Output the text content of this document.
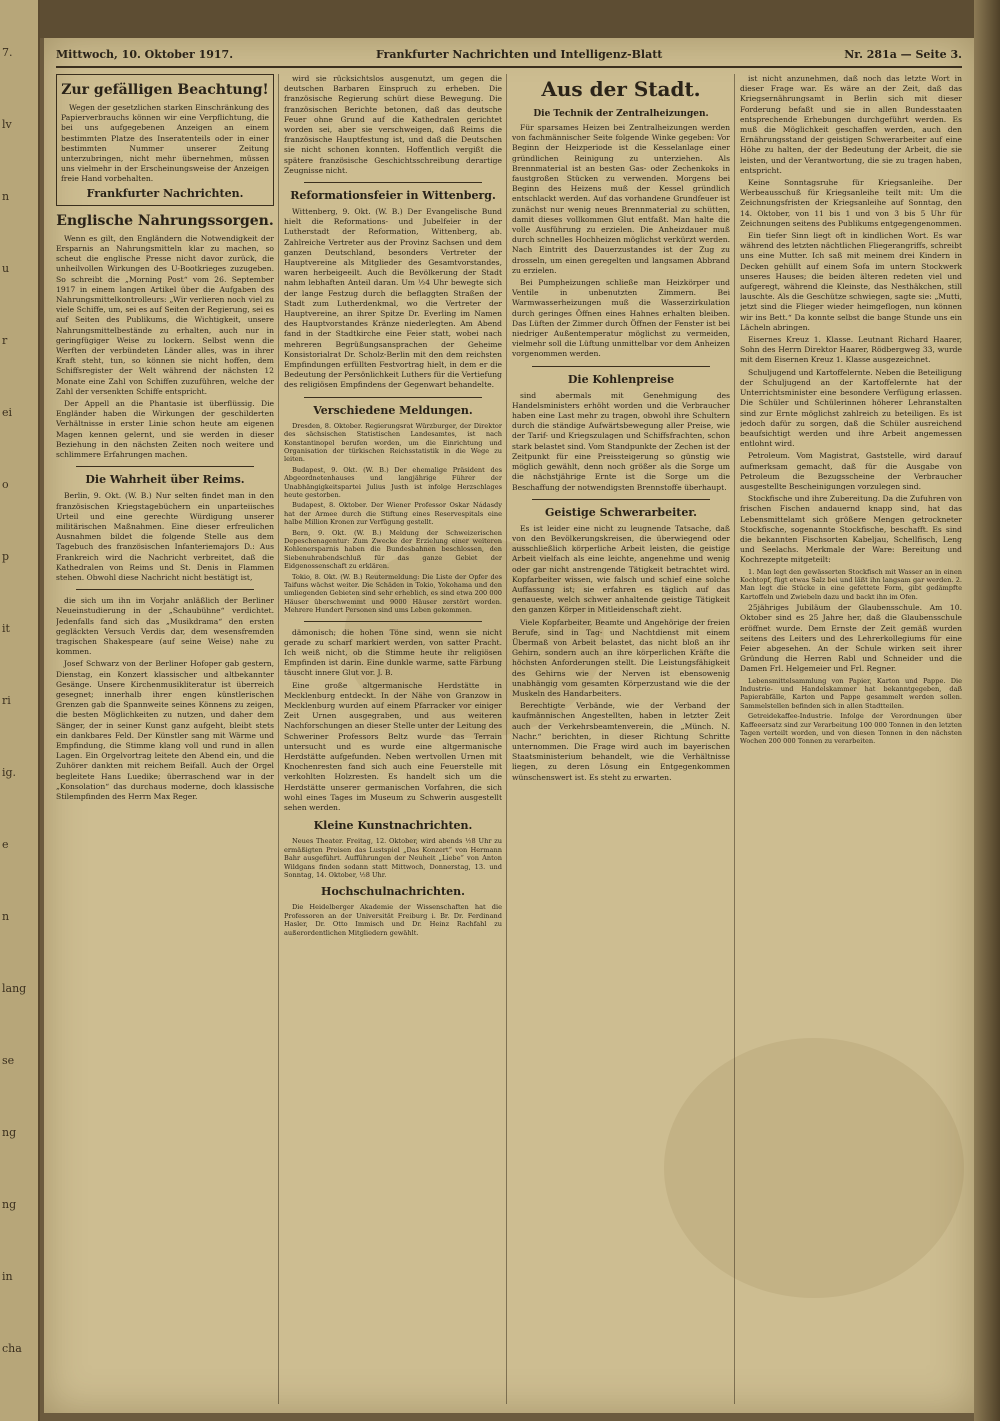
7.
lv
n
u
r
ei
o
p
it
ri
ig.
e
n
lang
se
ng
ng
in
cha
Mittwoch, 10. Oktober 1917.	Frankfurter Nachrichten und Intelligenz-Blatt	Nr. 281a — Seite 3.
Zur gefälligen Beachtung!

Wegen der gesetzlichen starken Einschränkung des Papierverbrauchs können wir eine Verpflichtung, die bei uns aufgegebenen Anzeigen an einem bestimmten Platze des Inseratenteils oder in einer bestimmten Nummer unserer Zeitung unterzubringen, nicht mehr übernehmen, müssen uns vielmehr in der Erscheinungsweise der Anzeigen freie Hand vorbehalten.

Frankfurter Nachrichten.
Englische Nahrungssorgen.

Wenn es gilt, den Engländern die Notwendigkeit der Ersparnis an Nahrungsmitteln klar zu machen, so scheut die englische Presse nicht davor zurück, die unheilvollen Wirkungen des U-Bootkrieges zuzugeben. So schreibt die „Morning Post“ vom 26. September 1917 in einem langen Artikel über die Aufgaben des Nahrungsmittelkontrolleurs: „Wir verlieren noch viel zu viele Schiffe, um, sei es auf Seiten der Regierung, sei es auf Seiten des Publikums, die Wichtigkeit, unsere Nahrungsmittelbestände zu erhalten, auch nur in geringfügiger Weise zu lockern. Selbst wenn die Werften der verbündeten Länder alles, was in ihrer Kraft steht, tun, so können sie nicht hoffen, dem Schiffsregister der Welt während der nächsten 12 Monate eine Zahl von Schiffen zuzuführen, welche der Zahl der versenkten Schiffe entspricht.

Der Appell an die Phantasie ist überflüssig. Die Engländer haben die Wirkungen der geschilderten Verhältnisse in erster Linie schon heute am eigenen Magen kennen gelernt, und sie werden in dieser Beziehung in den nächsten Zeiten noch weitere und schlimmere Erfahrungen machen.

Die Wahrheit über Reims.

Berlin, 9. Okt. (W. B.) Nur selten findet man in den französischen Kriegstagebüchern ein unparteiisches Urteil und eine gerechte Würdigung unserer militärischen Maßnahmen. Eine dieser erfreulichen Ausnahmen bildet die folgende Stelle aus dem Tagebuch des französischen Infanteriemajors D.: Aus Frankreich wird die Nachricht verbreitet, daß die Kathedralen von Reims und St. Denis in Flammen stehen. Obwohl diese Nachricht nicht bestätigt ist,

die sich um ihn im Vorjahr anläßlich der Berliner Neueinstudierung in der „Schaubühne“ verdichtet. Jedenfalls fand sich das „Musikdrama“ den ersten gegläckten Versuch Verdis dar, dem wesensfremden tragischen Shakespeare (auf seine Weise) nahe zu kommen.

Josef Schwarz von der Berliner Hofoper gab gestern, Dienstag, ein Konzert klassischer und altbekannter Gesänge. Unsere Kirchenmusikliteratur ist überreich gesegnet; innerhalb ihrer engen künstlerischen Grenzen gab die Spannweite seines Könnens zu zeigen, die besten Möglichkeiten zu nutzen, und daher dem Sänger, der in seiner Kunst ganz aufgeht, bleibt stets ein dankbares Feld. Der Künstler sang mit Wärme und Empfindung, die Stimme klang voll und rund in allen Lagen. Ein Orgelvortrag leitete den Abend ein, und die Zuhörer dankten mit reichem Beifall. Auch der Orgel begleitete Hans Luedike; überraschend war in der „Konsolation“ das durchaus moderne, doch klassische Stilempfinden des Herrn Max Reger.

wird sie rücksichtslos ausgenutzt, um gegen die deutschen Barbaren Einspruch zu erheben. Die französische Regierung schürt diese Bewegung. Die französischen Berichte betonen, daß das deutsche Feuer ohne Grund auf die Kathedralen gerichtet worden sei, aber sie verschweigen, daß Reims die französische Hauptfestung ist, und daß die Deutschen sie nicht schonen konnten. Hoffentlich vergißt die spätere französische Geschichtsschreibung derartige Zeugnisse nicht.

Reformationsfeier in Wittenberg.

Wittenberg, 9. Okt. (W. B.) Der Evangelische Bund hielt die Reformations- und Jubelfeier in der Lutherstadt der Reformation, Wittenberg, ab. Zahlreiche Vertreter aus der Provinz Sachsen und dem ganzen Deutschland, besonders Vertreter der Hauptvereine als Mitglieder des Gesamtvorstandes, waren herbeigeeilt. Auch die Bevölkerung der Stadt nahm lebhaften Anteil daran. Um ½4 Uhr bewegte sich der lange Festzug durch die beflaggten Straßen der Stadt zum Lutherdenkmal, wo die Vertreter der Hauptvereine, an ihrer Spitze Dr. Everling im Namen des Hauptvorstandes Kränze niederlegten. Am Abend fand in der Stadtkirche eine Feier statt, wobei nach mehreren Begrüßungsansprachen der Geheime Konsistorialrat Dr. Scholz-Berlin mit den dem reichsten Empfindungen erfüllten Festvortrag hielt, in dem er die Bedeutung der Persönlichkeit Luthers für die Vertiefung des religiösen Empfindens der Gegenwart behandelte.

Verschiedene Meldungen.

Dresden, 8. Oktober. Regierungsrat Würzburger, der Direktor des sächsischen Statistischen Landesamtes, ist nach Konstantinopel berufen worden, um die Einrichtung und Organisation der türkischen Reichsstatistik in die Wege zu leiten.

Budapest, 9. Okt. (W. B.) Der ehemalige Präsident des Abgeordnetenhauses und langjährige Führer der Unabhängigkeitspartei Julius Justh ist infolge Herzschlages heute gestorben.

Budapest, 8. Oktober. Der Wiener Professor Oskar Nádasdy hat der Armee durch die Stiftung eines Reservespitals eine halbe Million Kronen zur Verfügung gestellt.

Bern, 9. Okt. (W. B.) Meldung der Schweizerischen Depeschenagentur: Zum Zwecke der Erzielung einer weiteren Kohlenersparnis haben die Bundesbahnen beschlossen, den Siebenuhrabendschluß für das ganze Gebiet der Eidgenossenschaft zu erklären.

Tokio, 8. Okt. (W. B.) Reutermeldung: Die Liste der Opfer des Taifuns wächst weiter. Die Schäden in Tokio, Yokohama und den umliegenden Gebieten sind sehr erheblich, es sind etwa 200 000 Häuser überschwemmt und 9000 Häuser zerstört worden. Mehrere Hundert Personen sind ums Leben gekommen.

dämonisch; die hohen Töne sind, wenn sie nicht gerade zu scharf markiert werden, von satter Pracht. Ich weiß nicht, ob die Stimme heute ihr religiösen Empfinden ist darin. Eine dunkle warme, satte Färbung täuscht innere Glut vor. J. B.

Eine große altgermanische Herdstätte in Mecklenburg entdeckt. In der Nähe von Granzow in Mecklenburg wurden auf einem Pfarracker vor einiger Zeit Urnen ausgegraben, und aus weiteren Nachforschungen an dieser Stelle unter der Leitung des Schweriner Professors Beltz wurde das Terrain untersucht und es wurde eine altgermanische Herdstätte aufgefunden. Neben wertvollen Urnen mit Knochenresten fand sich auch eine Feuerstelle mit verkohlten Holzresten. Es handelt sich um die Herdstätte unserer germanischen Vorfahren, die sich wohl eines Tages im Museum zu Schwerin ausgestellt sehen werden.

Kleine Kunstnachrichten.

Neues Theater. Freitag, 12. Oktober, wird abends ½8 Uhr zu ermäßigten Preisen das Lustspiel „Das Konzert“ von Hermann Bahr ausgeführt. Aufführungen der Neuheit „Liebe“ von Anton Wildgans finden sodann statt Mittwoch, Donnerstag, 13. und Sonntag, 14. Oktober, ½8 Uhr.

Hochschulnachrichten.

Die Heidelberger Akademie der Wissenschaften hat die Professoren an der Universität Freiburg i. Br. Dr. Ferdinand Hasler, Dr. Otto Immisch und Dr. Heinz Rachfahl zu außerordentlichen Mitgliedern gewählt.

Aus der Stadt.
Die Technik der Zentralheizungen.

Für sparsames Heizen bei Zentralheizungen werden von fachmännischer Seite folgende Winke gegeben: Vor Beginn der Heizperiode ist die Kesselanlage einer gründlichen Reinigung zu unterziehen. Als Brennmaterial ist an besten Gas- oder Zechenkoks in faustgroßen Stücken zu verwenden. Morgens bei Beginn des Heizens muß der Kessel gründlich entschlackt werden. Auf das vorhandene Grundfeuer ist zunächst nur wenig neues Brennmaterial zu schütten, damit dieses vollkommen Glut entfaßt. Man halte die volle Ausführung zu erzielen. Die Anheizdauer muß durch schnelles Hochheizen möglichst verkürzt werden. Nach Eintritt des Dauerzustandes ist der Zug zu drosseln, um einen geregelten und langsamen Abbrand zu erzielen.

Bei Pumpheizungen schließe man Heizkörper und Ventile in unbenutzten Zimmern. Bei Warmwasserheizungen muß die Wasserzirkulation durch geringes Öffnen eines Hahnes erhalten bleiben. Das Lüften der Zimmer durch Öffnen der Fenster ist bei niedriger Außentemperatur möglichst zu vermeiden, vielmehr soll die Lüftung unmittelbar vor dem Anheizen vorgenommen werden.

Die Kohlenpreise

sind abermals mit Genehmigung des Handelsministers erhöht worden und die Verbraucher haben eine Last mehr zu tragen, obwohl ihre Schultern durch die ständige Aufwärtsbewegung aller Preise, wie der Tarif- und Kriegszulagen und Schiffsfrachten, schon stark belastet sind. Vom Standpunkte der Zechen ist der Zeitpunkt für eine Preissteigerung so günstig wie möglich gewählt, denn noch größer als die Sorge um die nächstjährige Ernte ist die Sorge um die Beschaffung der notwendigsten Brennstoffe überhaupt.

Geistige Schwerarbeiter.

Es ist leider eine nicht zu leugnende Tatsache, daß von den Bevölkerungskreisen, die überwiegend oder ausschließlich körperliche Arbeit leisten, die geistige Arbeit vielfach als eine leichte, angenehme und wenig oder gar nicht anstrengende Tätigkeit betrachtet wird. Kopfarbeiter wissen, wie falsch und schief eine solche Auffassung ist; sie erfahren es täglich auf das genaueste, welch schwer anhaltende geistige Tätigkeit den ganzen Körper in Mitleidenschaft zieht.

Viele Kopfarbeiter, Beamte und Angehörige der freien Berufe, sind in Tag- und Nachtdienst mit einem Übermaß von Arbeit belastet, das nicht bloß an ihr Gehirn, sondern auch an ihre körperlichen Kräfte die höchsten Anforderungen stellt. Die Leistungsfähigkeit des Gehirns wie der Nerven ist ebensowenig unabhängig vom gesamten Körperzustand wie die der Muskeln des Handarbeiters.

Berechtigte Verbände, wie der Verband der kaufmännischen Angestellten, haben in letzter Zeit auch der Verkehrsbeamtenverein, die „Münch. N. Nachr.“ berichten, in dieser Richtung Schritte unternommen. Die Frage wird auch im bayerischen Staatsministerium behandelt, wie die Verhältnisse liegen, zu deren Lösung ein Entgegenkommen wünschenswert ist. Es steht zu erwarten.

ist nicht anzunehmen, daß noch das letzte Wort in dieser Frage war. Es wäre an der Zeit, daß das Kriegsernährungsamt in Berlin sich mit dieser Forderung befaßt und sie in allen Bundesstaaten entsprechende Erhebungen durchgeführt werden. Es muß die Möglichkeit geschaffen werden, auch den Ernährungsstand der geistigen Schwerarbeiter auf eine Höhe zu halten, der der Bedeutung der Arbeit, die sie leisten, und der Verantwortung, die sie zu tragen haben, entspricht.

Keine Sonntagsruhe für Kriegsanleihe. Der Werbeausschuß für Kriegsanleihe teilt mit: Um die Zeichnungsfristen der Kriegsanleihe auf Sonntag, den 14. Oktober, von 11 bis 1 und von 3 bis 5 Uhr für Zeichnungen seitens des Publikums entgegengenommen.

Ein tiefer Sinn liegt oft in kindlichen Wort. Es war während des letzten nächtlichen Fliegerangriffs, schreibt uns eine Mutter. Ich saß mit meinem drei Kindern in Decken gehüllt auf einem Sofa im untern Stockwerk unseres Hauses; die beiden älteren redeten viel und aufgeregt, während die Kleinste, das Nesthäkchen, still lauschte. Als die Geschütze schwiegen, sagte sie: „Mutti, jetzt sind die Flieger wieder heimgeflogen, nun können wir ins Bett.“ Da konnte selbst die bange Stunde uns ein Lächeln abringen.

Eisernes Kreuz 1. Klasse. Leutnant Richard Haarer, Sohn des Herrn Direktor Haarer, Rödbergweg 33, wurde mit dem Eisernen Kreuz 1. Klasse ausgezeichnet.

Schuljugend und Kartoffelernte. Neben die Beteiligung der Schuljugend an der Kartoffelernte hat der Unterrichtsminister eine besondere Verfügung erlassen. Die Schüler und Schülerinnen höherer Lehranstalten sind zur Ernte möglichst zahlreich zu beteiligen. Es ist jedoch dafür zu sorgen, daß die Schüler ausreichend beaufsichtigt werden und ihre Arbeit angemessen entlohnt wird.

Petroleum. Vom Magistrat, Gaststelle, wird darauf aufmerksam gemacht, daß für die Ausgabe von Petroleum die Bezugsscheine der Verbraucher ausgestellte Bescheinigungen vorzulegen sind.

Stockfische und ihre Zubereitung. Da die Zufuhren von frischen Fischen andauernd knapp sind, hat das Lebensmittelamt sich größere Mengen getrockneter Stockfische, sogenannte Stockfische, beschafft. Es sind die bekannten Fischsorten Kabeljau, Schellfisch, Leng und Seelachs. Merkmale der Ware: Bereitung und Kochrezepte mitgeteilt:

1. Man legt den gewässerten Stockfisch mit Wasser an in einen Kochtopf, fügt etwas Salz bei und läßt ihn langsam gar werden. 2. Man legt die Stücke in eine gefettete Form, gibt gedämpfte Kartoffeln und Zwiebeln dazu und backt ihn im Ofen.

25jähriges Jubiläum der Glaubensschule. Am 10. Oktober sind es 25 Jahre her, daß die Glaubensschule eröffnet wurde. Dem Ernste der Zeit gemäß wurden seitens des Leiters und des Lehrerkollegiums für eine Feier abgesehen. An der Schule wirken seit ihrer Gründung die Herren Rabl und Schneider und die Damen Frl. Helgemeier und Frl. Regner.

Lebensmittelsammlung von Papier, Karton und Pappe. Die Industrie- und Handelskammer hat bekanntgegeben, daß Papierabfälle, Karton und Pappe gesammelt werden sollen. Sammelstellen befinden sich in allen Stadtteilen.

Getreidekaffee-Industrie. Infolge der Verordnungen über Kaffeeersatz sind zur Verarbeitung 100 000 Tonnen in den letzten Tagen verteilt worden, und von diesen Tonnen in den nächsten Wochen 200 000 Tonnen zu verarbeiten.
